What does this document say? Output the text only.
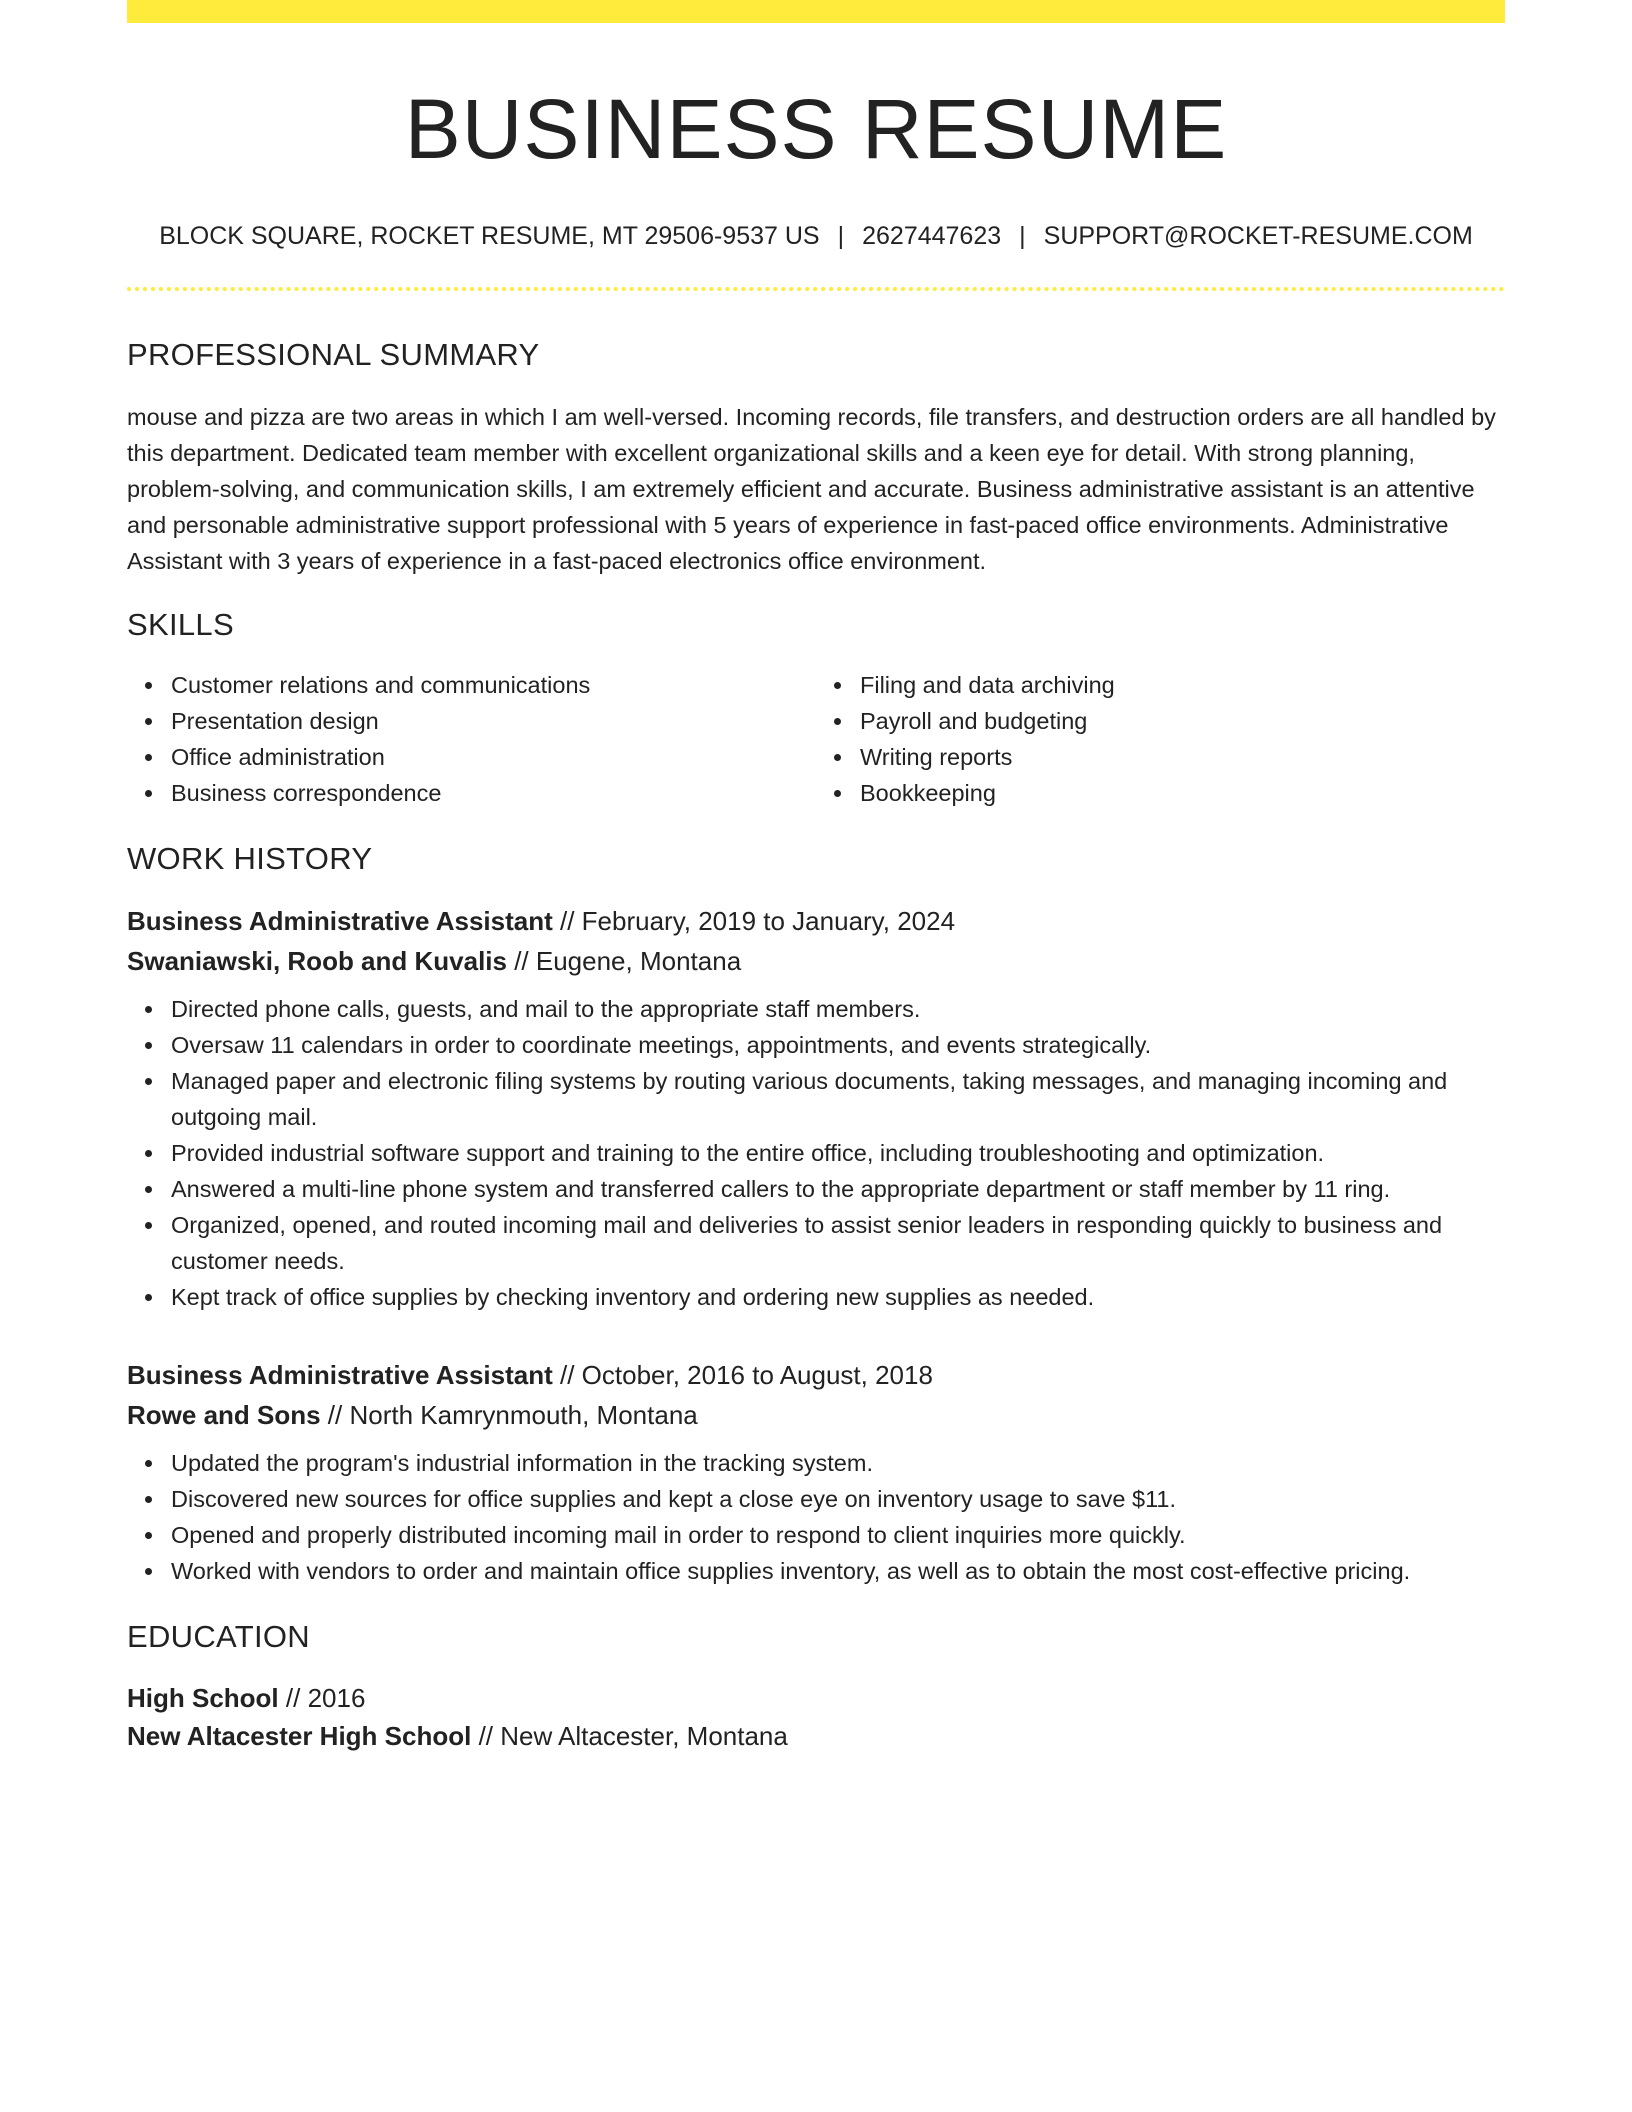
BUSINESS RESUME
BLOCK SQUARE, ROCKET RESUME, MT 29506-9537 US | 2627447623 | SUPPORT@ROCKET-RESUME.COM
PROFESSIONAL SUMMARY

mouse and pizza are two areas in which I am well-versed. Incoming records, file transfers, and destruction orders are all handled by this department. Dedicated team member with excellent organizational skills and a keen eye for detail. With strong planning, problem-solving, and communication skills, I am extremely efficient and accurate. Business administrative assistant is an attentive and personable administrative support professional with 5 years of experience in fast-paced office environments. Administrative Assistant with 3 years of experience in a fast-paced electronics office environment.

SKILLS
Customer relations and communications
Presentation design
Office administration
Business correspondence
Filing and data archiving
Payroll and budgeting
Writing reports
Bookkeeping
WORK HISTORY
Business Administrative Assistant // February, 2019 to January, 2024
Swaniawski, Roob and Kuvalis // Eugene, Montana
Directed phone calls, guests, and mail to the appropriate staff members.
Oversaw 11 calendars in order to coordinate meetings, appointments, and events strategically.
Managed paper and electronic filing systems by routing various documents, taking messages, and managing incoming and outgoing mail.
Provided industrial software support and training to the entire office, including troubleshooting and optimization.
Answered a multi-line phone system and transferred callers to the appropriate department or staff member by 11 ring.
Organized, opened, and routed incoming mail and deliveries to assist senior leaders in responding quickly to business and customer needs.
Kept track of office supplies by checking inventory and ordering new supplies as needed.
Business Administrative Assistant // October, 2016 to August, 2018
Rowe and Sons // North Kamrynmouth, Montana
Updated the program's industrial information in the tracking system.
Discovered new sources for office supplies and kept a close eye on inventory usage to save $11.
Opened and properly distributed incoming mail in order to respond to client inquiries more quickly.
Worked with vendors to order and maintain office supplies inventory, as well as to obtain the most cost-effective pricing.
EDUCATION
High School // 2016
New Altacester High School // New Altacester, Montana
